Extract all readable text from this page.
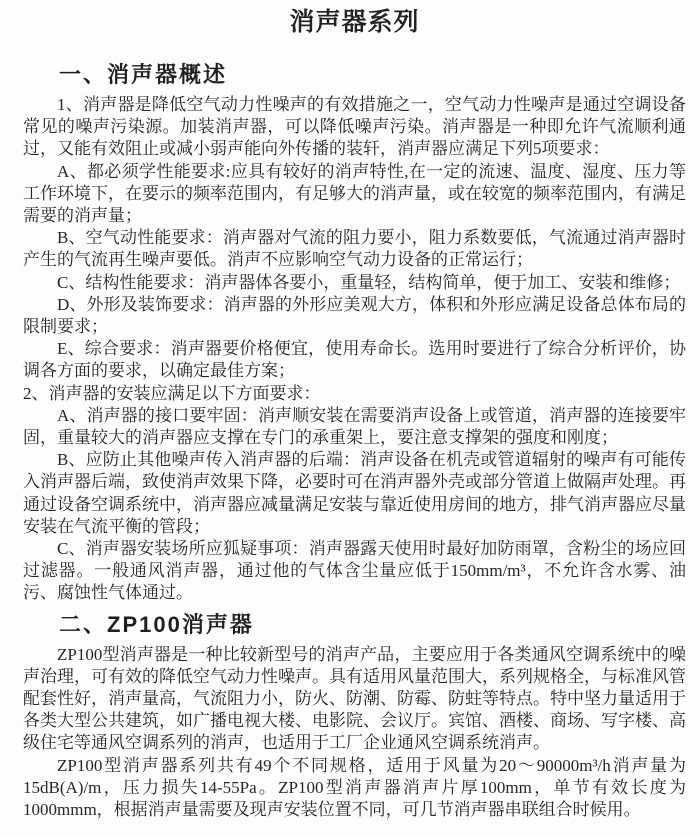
消声器系列
一、消声器概述

1、消声器是降低空气动力性噪声的有效措施之一，空气动力性噪声是通过空调设备常见的噪声污染源。加装消声器，可以降低噪声污染。消声器是一种即允许气流顺利通过，又能有效阻止或减小弱声能向外传播的装轩，消声器应满足下列5项要求：

A、都必须学性能要求:应具有较好的消声特性,在一定的流速、温度、湿度、压力等工作环境下，在要示的频率范围内，有足够大的消声量，或在较宽的频率范围内，有满足需要的消声量；

B、空气动性能要求：消声器对气流的阻力要小，阻力系数要低，气流通过消声器时产生的气流再生噪声要低。消声不应影响空气动力设备的正常运行；

C、结构性能要求：消声器体各要小，重量轻，结构简单，便于加工、安装和维修；

D、外形及装饰要求：消声器的外形应美观大方，体积和外形应满足设备总体布局的限制要求；

E、综合要求：消声器要价格便宜，使用寿命长。选用时要进行了综合分析评价，协调各方面的要求，以确定最佳方案；

2、消声器的安装应满足以下方面要求：

A、消声器的接口要牢固：消声顺安装在需要消声设备上或管道，消声器的连接要牢固，重量较大的消声器应支撑在专门的承重架上，要注意支撑架的强度和刚度；

B、应防止其他噪声传入消声器的后端：消声设备在机壳或管道辐射的噪声有可能传入消声器后端，致使消声效果下降，必要时可在消声器外壳或部分管道上做隔声处理。再通过设备空调系统中，消声器应减量满足安装与靠近使用房间的地方，排气消声器应尽量安装在气流平衡的管段；

C、消声器安装场所应狐疑事项：消声器露天使用时最好加防雨罩，含粉尘的场应回过滤器。一般通风消声器，通过他的气体含尘量应低于150mm/m³，不允许含水雾、油污、腐蚀性气体通过。

二、ZP100消声器

ZP100型消声器是一种比较新型号的消声产品，主要应用于各类通风空调系统中的噪声治理，可有效的降低空气动力性噪声。具有适用风量范围大，系列规格全，与标准风管配套性好，消声量高，气流阻力小，防火、防潮、防霉、防蛀等特点。特中坚力量适用于各类大型公共建筑，如广播电视大楼、电影院、会议厅。宾馆、酒楼、商场、写字楼、高级住宅等通风空调系列的消声，也适用于工厂企业通风空调系统消声。

ZP100型消声器系列共有49个不同规格，适用于风量为20～90000m³/h消声量为15dB(A)/m，压力损失14-55Pa。ZP100型消声器消声片厚100mm，单节有效长度为1000mmm，根据消声量需要及现声安装位置不同，可几节消声器串联组合时候用。
